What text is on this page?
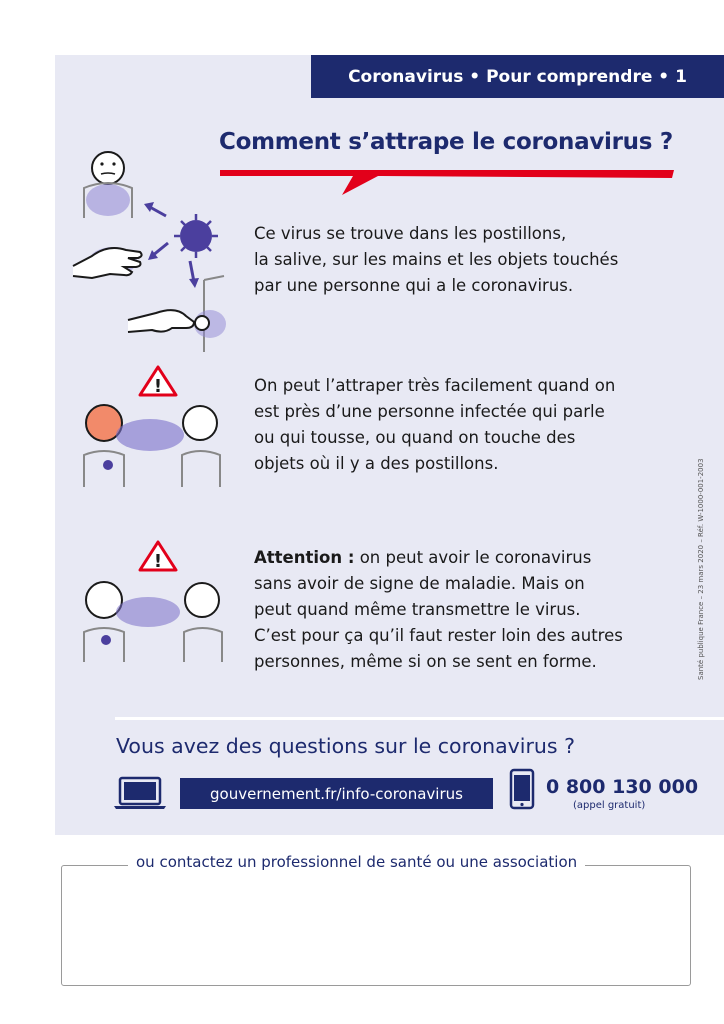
Coronavirus • Pour comprendre • 1
Comment s’attrape le coronavirus ?
Ce virus se trouve dans les postillons,
la salive, sur les mains et les objets touchés
par une personne qui a le coronavirus.
!	On peut l’attraper très facilement quand on
est près d’une personne infectée qui parle
ou qui tousse, ou quand on touche des
objets où il y a des postillons.
!	Attention : on peut avoir le coronavirus
sans avoir de signe de maladie. Mais on
peut quand même transmettre le virus.
C’est pour ça qu’il faut rester loin des autres
personnes, même si on se sent en forme.	Santé publique France – 23 mars 2020 – Réf. W-1000-001-2003
Vous avez des questions sur le coronavirus ?
gouvernement.fr/info-coronavirus	0 800 130 000
(appel gratuit)
ou contactez un professionnel de santé ou une association
